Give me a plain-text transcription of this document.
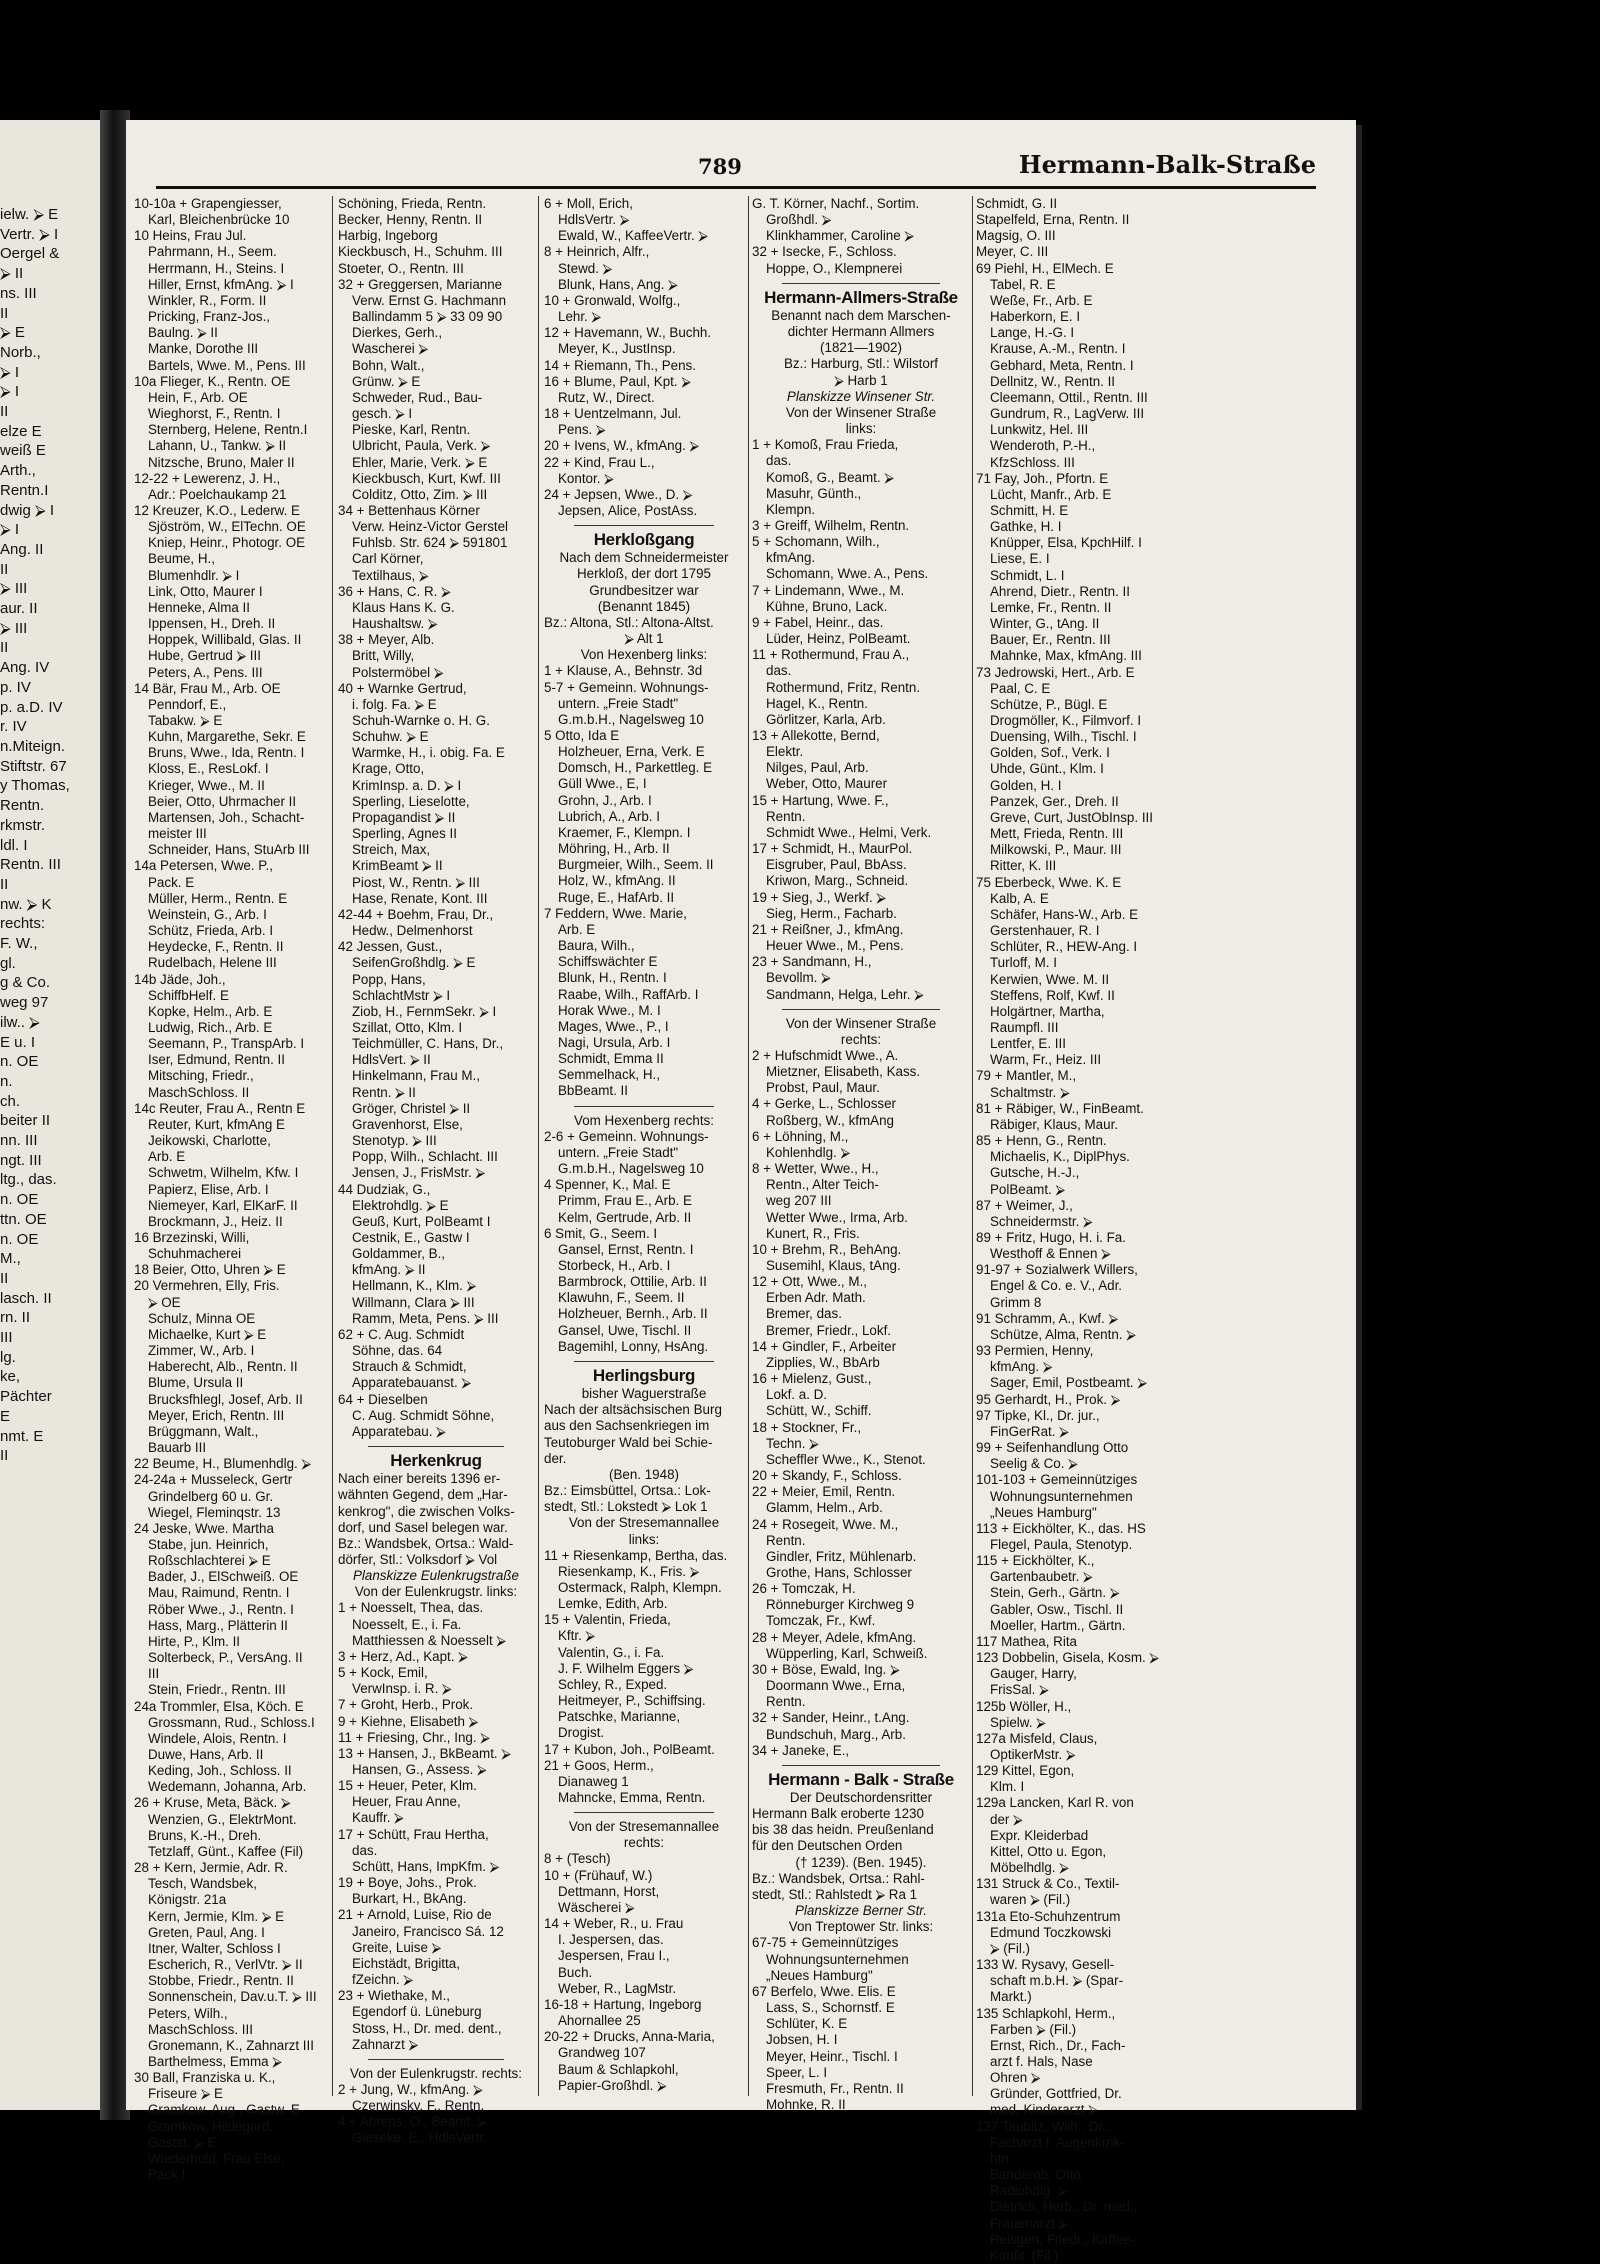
ielw. ⮚ E
Vertr. ⮚ I
Oergel &
⮚ II
ns. III
II
⮚ E
Norb.,
⮚ I
⮚ I
II
elze E
weiß E
Arth.,
Rentn.I
dwig ⮚ I
⮚ I
Ang. II
II
⮚ III
aur. II
⮚ III
II
Ang. IV
p. IV
p. a.D. IV
r. IV
n.Miteign.
Stiftstr. 67
y Thomas,
Rentn.
rkmstr.
ldl. I
Rentn. III
II
nw. ⮚ K
rechts:
F. W.,
gl.
g & Co.
weg 97
ilw.. ⮚
E u. I
n. OE
n.
ch.
beiter II
nn. III
ngt. III
ltg., das.
n. OE
ttn. OE
n. OE
M.,
II
lasch. II
rn. II
III
lg.
ke,
Pächter
E
nmt. E
II
789	Hermann-Balk-Straße
10-10a + Grapengiesser,
Karl, Bleichenbrücke 10
10 Heins, Frau Jul.
Pahrmann, H., Seem.
Herrmann, H., Steins. I
Hiller, Ernst, kfmAng. ⮚ I
Winkler, R., Form. II
Pricking, Franz-Jos.,
Baulng. ⮚ II
Manke, Dorothe III
Bartels, Wwe. M., Pens. III
10a Flieger, K., Rentn. OE
Hein, F., Arb. OE
Wieghorst, F., Rentn. I
Sternberg, Helene, Rentn.I
Lahann, U., Tankw. ⮚ II
Nitzsche, Bruno, Maler II
12-22 + Lewerenz, J. H.,
Adr.: Poelchaukamp 21
12 Kreuzer, K.O., Lederw. E
Sjöström, W., ElTechn. OE
Kniep, Heinr., Photogr. OE
Beume, H.,
Blumenhdlr. ⮚ I
Link, Otto, Maurer I
Henneke, Alma II
Ippensen, H., Dreh. II
Hoppek, Willibald, Glas. II
Hube, Gertrud ⮚ III
Peters, A., Pens. III
14 Bär, Frau M., Arb. OE
Penndorf, E.,
Tabakw. ⮚ E
Kuhn, Margarethe, Sekr. E
Bruns, Wwe., Ida, Rentn. I
Kloss, E., ResLokf. I
Krieger, Wwe., M. II
Beier, Otto, Uhrmacher II
Martensen, Joh., Schacht-
meister III
Schneider, Hans, StuArb III
14a Petersen, Wwe. P.,
Pack. E
Müller, Herm., Rentn. E
Weinstein, G., Arb. I
Schütz, Frieda, Arb. I
Heydecke, F., Rentn. II
Rudelbach, Helene III
14b Jäde, Joh.,
SchiffbHelf. E
Kopke, Helm., Arb. E
Ludwig, Rich., Arb. E
Seemann, P., TranspArb. I
Iser, Edmund, Rentn. II
Mitsching, Friedr.,
MaschSchloss. II
14c Reuter, Frau A., Rentn E
Reuter, Kurt, kfmAng E
Jeikowski, Charlotte,
Arb. E
Schwetm, Wilhelm, Kfw. I
Papierz, Elise, Arb. I
Niemeyer, Karl, ElKarF. II
Brockmann, J., Heiz. II
16 Brzezinski, Willi,
Schuhmacherei
18 Beier, Otto, Uhren ⮚ E
20 Vermehren, Elly, Fris.
⮚ OE
Schulz, Minna OE
Michaelke, Kurt ⮚ E
Zimmer, W., Arb. I
Haberecht, Alb., Rentn. II
Blume, Ursula II
Brucksfhlegl, Josef, Arb. II
Meyer, Erich, Rentn. III
Brüggmann, Walt.,
Bauarb III
22 Beume, H., Blumenhdlg. ⮚
24-24a + Musseleck, Gertr
Grindelberg 60 u. Gr.
Wiegel, Fleminqstr. 13
24 Jeske, Wwe. Martha
Stabe, jun. Heinrich,
Roßschlachterei ⮚ E
Bader, J., ElSchweiß. OE
Mau, Raimund, Rentn. I
Röber Wwe., J., Rentn. I
Hass, Marg., Plätterin II
Hirte, P., Klm. II
Solterbeck, P., VersAng. II
III
Stein, Friedr., Rentn. III
24a Trommler, Elsa, Köch. E
Grossmann, Rud., Schloss.I
Windele, Alois, Rentn. I
Duwe, Hans, Arb. II
Keding, Joh., Schloss. II
Wedemann, Johanna, Arb.
26 + Kruse, Meta, Bäck. ⮚
Wenzien, G., ElektrMont.
Bruns, K.-H., Dreh.
Tetzlaff, Günt., Kaffee (Fil)
28 + Kern, Jermie, Adr. R.
Tesch, Wandsbek,
Königstr. 21a
Kern, Jermie, Klm. ⮚ E
Greten, Paul, Ang. I
Itner, Walter, Schloss I
Escherich, R., VerlVtr. ⮚ II
Stobbe, Friedr., Rentn. II
Sonnenschein, Dav.u.T. ⮚ III
Peters, Wilh.,
MaschSchloss. III
Gronemann, K., Zahnarzt III
Barthelmess, Emma ⮚
30 Ball, Franziska u. K.,
Friseure ⮚ E
Gramkow, Aug., Gastw. E
Gramkow, Hildegard,
Gastst. ⮚ E
Wiederhold, Frau Else,
Pack I
Schöning, Frieda, Rentn.
Becker, Henny, Rentn. II
Harbig, Ingeborg
Kieckbusch, H., Schuhm. III
Stoeter, O., Rentn. III
32 + Greggersen, Marianne
Verw. Ernst G. Hachmann
Ballindamm 5 ⮚ 33 09 90
Dierkes, Gerh.,
Wascherei ⮚
Bohn, Walt.,
Grünw. ⮚ E
Schweder, Rud., Bau-
gesch. ⮚ I
Pieske, Karl, Rentn.
Ulbricht, Paula, Verk. ⮚
Ehler, Marie, Verk. ⮚ E
Kieckbusch, Kurt, Kwf. III
Colditz, Otto, Zim. ⮚ III
34 + Bettenhaus Körner
Verw. Heinz-Victor Gerstel
Fuhlsb. Str. 624 ⮚ 591801
Carl Körner,
Textilhaus, ⮚
36 + Hans, C. R. ⮚
Klaus Hans K. G.
Haushaltsw. ⮚
38 + Meyer, Alb.
Britt, Willy,
Polstermöbel ⮚
40 + Warnke Gertrud,
i. folg. Fa. ⮚ E
Schuh-Warnke o. H. G.
Schuhw. ⮚ E
Warmke, H., i. obig. Fa. E
Krage, Otto,
KrimInsp. a. D. ⮚ I
Sperling, Lieselotte,
Propagandist ⮚ II
Sperling, Agnes II
Streich, Max,
KrimBeamt ⮚ II
Piost, W., Rentn. ⮚ III
Hase, Renate, Kont. III
42-44 + Boehm, Frau, Dr.,
Hedw., Delmenhorst
42 Jessen, Gust.,
SeifenGroßhdlg. ⮚ E
Popp, Hans,
SchlachtMstr ⮚ I
Ziob, H., FernmSekr. ⮚ I
Szillat, Otto, Klm. I
Teichmüller, C. Hans, Dr.,
HdlsVert. ⮚ II
Hinkelmann, Frau M.,
Rentn. ⮚ II
Gröger, Christel ⮚ II
Gravenhorst, Else,
Stenotyp. ⮚ III
Popp, Wilh., Schlacht. III
Jensen, J., FrisMstr. ⮚
44 Dudziak, G.,
Elektrohdlg. ⮚ E
Geuß, Kurt, PolBeamt I
Cestnik, E., Gastw I
Goldammer, B.,
kfmAng. ⮚ II
Hellmann, K., Klm. ⮚
Willmann, Clara ⮚ III
Ramm, Meta, Pens. ⮚ III
62 + C. Aug. Schmidt
Söhne, das. 64
Strauch & Schmidt,
Apparatebauanst. ⮚
64 + Dieselben
C. Aug. Schmidt Söhne,
Apparatebau. ⮚
Herkenkrug
Nach einer bereits 1396 er-
wähnten Gegend, dem „Har-
kenkrog", die zwischen Volks-
dorf, und Sasel belegen war.
Bz.: Wandsbek, Ortsa.: Wald-
dörfer, Stl.: Volksdorf ⮚ Vol
Planskizze Eulenkrugstraße
Von der Eulenkrugstr. links:
1 + Noesselt, Thea, das.
Noesselt, E., i. Fa.
Matthiessen & Noesselt ⮚
3 + Herz, Ad., Kapt. ⮚
5 + Kock, Emil,
VerwInsp. i. R. ⮚
7 + Groht, Herb., Prok.
9 + Kiehne, Elisabeth ⮚
11 + Friesing, Chr., Ing. ⮚
13 + Hansen, J., BkBeamt. ⮚
Hansen, G., Assess. ⮚
15 + Heuer, Peter, Klm.
Heuer, Frau Anne,
Kauffr. ⮚
17 + Schütt, Frau Hertha,
das.
Schütt, Hans, ImpKfm. ⮚
19 + Boye, Johs., Prok.
Burkart, H., BkAng.
21 + Arnold, Luise, Rio de
Janeiro, Francisco Sá. 12
Greite, Luise ⮚
Eichstädt, Brigitta,
fZeichn. ⮚
23 + Wiethake, M.,
Egendorf ü. Lüneburg
Stoss, H., Dr. med. dent.,
Zahnarzt ⮚
Von der Eulenkrugstr. rechts:
2 + Jung, W., kfmAng. ⮚
Czerwinsky, F., Rentn.
4 + Ahrens, O., Beamt. ⮚
Gieseke, E., HdlsVertr.
6 + Moll, Erich,
HdlsVertr. ⮚
Ewald, W., KaffeeVertr. ⮚
8 + Heinrich, Alfr.,
Stewd. ⮚
Blunk, Hans, Ang. ⮚
10 + Gronwald, Wolfg.,
Lehr. ⮚
12 + Havemann, W., Buchh.
Meyer, K., JustInsp.
14 + Riemann, Th., Pens.
16 + Blume, Paul, Kpt. ⮚
Rutz, W., Direct.
18 + Uentzelmann, Jul.
Pens. ⮚
20 + Ivens, W., kfmAng. ⮚
22 + Kind, Frau L.,
Kontor. ⮚
24 + Jepsen, Wwe., D. ⮚
Jepsen, Alice, PostAss.
Herkloßgang
Nach dem Schneidermeister
Herkloß, der dort 1795
Grundbesitzer war
(Benannt 1845)
Bz.: Altona, Stl.: Altona-Altst.
⮚ Alt 1
Von Hexenberg links:
1 + Klause, A., Behnstr. 3d
5-7 + Gemeinn. Wohnungs-
untern. „Freie Stadt"
G.m.b.H., Nagelsweg 10
5 Otto, Ida E
Holzheuer, Erna, Verk. E
Domsch, H., Parkettleg. E
Güll Wwe., E, I
Grohn, J., Arb. I
Lubrich, A., Arb. I
Kraemer, F., Klempn. I
Möhring, H., Arb. II
Burgmeier, Wilh., Seem. II
Holz, W., kfmAng. II
Ruge, E., HafArb. II
7 Feddern, Wwe. Marie,
Arb. E
Baura, Wilh.,
Schiffswächter E
Blunk, H., Rentn. I
Raabe, Wilh., RaffArb. I
Horak Wwe., M. I
Mages, Wwe., P., I
Nagi, Ursula, Arb. I
Schmidt, Emma II
Semmelhack, H.,
BbBeamt. II
Vom Hexenberg rechts:
2-6 + Gemeinn. Wohnungs-
untern. „Freie Stadt"
G.m.b.H., Nagelsweg 10
4 Spenner, K., Mal. E
Primm, Frau E., Arb. E
Kelm, Gertrude, Arb. II
6 Smit, G., Seem. I
Gansel, Ernst, Rentn. I
Storbeck, H., Arb. I
Barmbrock, Ottilie, Arb. II
Klawuhn, F., Seem. II
Holzheuer, Bernh., Arb. II
Gansel, Uwe, Tischl. II
Bagemihl, Lonny, HsAng.
Herlingsburg
bisher Waguerstraße
Nach der altsächsischen Burg
aus den Sachsenkriegen im
Teutoburger Wald bei Schie-
der.
(Ben. 1948)
Bz.: Eimsbüttel, Ortsa.: Lok-
stedt, Stl.: Lokstedt ⮚ Lok 1
Von der Stresemannallee
links:
11 + Riesenkamp, Bertha, das.
Riesenkamp, K., Fris. ⮚
Ostermack, Ralph, Klempn.
Lemke, Edith, Arb.
15 + Valentin, Frieda,
Kftr. ⮚
Valentin, G., i. Fa.
J. F. Wilhelm Eggers ⮚
Schley, R., Exped.
Heitmeyer, P., Schiffsing.
Patschke, Marianne,
Drogist.
17 + Kubon, Joh., PolBeamt.
21 + Goos, Herm.,
Dianaweg 1
Mahncke, Emma, Rentn.
Von der Stresemannallee
rechts:
8 + (Tesch)
10 + (Frühauf, W.)
Dettmann, Horst,
Wäscherei ⮚
14 + Weber, R., u. Frau
I. Jespersen, das.
Jespersen, Frau I.,
Buch.
Weber, R., LagMstr.
16-18 + Hartung, Ingeborg
Ahornallee 25
20-22 + Drucks, Anna-Maria,
Grandweg 107
Baum & Schlapkohl,
Papier-Großhdl. ⮚
G. T. Körner, Nachf., Sortim.
Großhdl. ⮚
Klinkhammer, Caroline ⮚
32 + Isecke, F., Schloss.
Hoppe, O., Klempnerei
Hermann-Allmers-Straße
Benannt nach dem Marschen-
dichter Hermann Allmers
(1821—1902)
Bz.: Harburg, Stl.: Wilstorf
⮚ Harb 1
Planskizze Winsener Str.
Von der Winsener Straße
links:
1 + Komoß, Frau Frieda,
das.
Komoß, G., Beamt. ⮚
Masuhr, Günth.,
Klempn.
3 + Greiff, Wilhelm, Rentn.
5 + Schomann, Wilh.,
kfmAng.
Schomann, Wwe. A., Pens.
7 + Lindemann, Wwe., M.
Kühne, Bruno, Lack.
9 + Fabel, Heinr., das.
Lüder, Heinz, PolBeamt.
11 + Rothermund, Frau A.,
das.
Rothermund, Fritz, Rentn.
Hagel, K., Rentn.
Görlitzer, Karla, Arb.
13 + Allekotte, Bernd,
Elektr.
Nilges, Paul, Arb.
Weber, Otto, Maurer
15 + Hartung, Wwe. F.,
Rentn.
Schmidt Wwe., Helmi, Verk.
17 + Schmidt, H., MaurPol.
Eisgruber, Paul, BbAss.
Kriwon, Marg., Schneid.
19 + Sieg, J., Werkf. ⮚
Sieg, Herm., Facharb.
21 + Reißner, J., kfmAng.
Heuer Wwe., M., Pens.
23 + Sandmann, H.,
Bevollm. ⮚
Sandmann, Helga, Lehr. ⮚
Von der Winsener Straße
rechts:
2 + Hufschmidt Wwe., A.
Mietzner, Elisabeth, Kass.
Probst, Paul, Maur.
4 + Gerke, L., Schlosser
Roßberg, W., kfmAng
6 + Löhning, M.,
Kohlenhdlg. ⮚
8 + Wetter, Wwe., H.,
Rentn., Alter Teich-
weg 207 III
Wetter Wwe., Irma, Arb.
Kunert, R., Fris.
10 + Brehm, R., BehAng.
Susemihl, Klaus, tAng.
12 + Ott, Wwe., M.,
Erben Adr. Math.
Bremer, das.
Bremer, Friedr., Lokf.
14 + Gindler, F., Arbeiter
Zipplies, W., BbArb
16 + Mielenz, Gust.,
Lokf. a. D.
Schütt, W., Schiff.
18 + Stockner, Fr.,
Techn. ⮚
Scheffler Wwe., K., Stenot.
20 + Skandy, F., Schloss.
22 + Meier, Emil, Rentn.
Glamm, Helm., Arb.
24 + Rosegeit, Wwe. M.,
Rentn.
Gindler, Fritz, Mühlenarb.
Grothe, Hans, Schlosser
26 + Tomczak, H.
Rönneburger Kirchweg 9
Tomczak, Fr., Kwf.
28 + Meyer, Adele, kfmAng.
Wüpperling, Karl, Schweiß.
30 + Böse, Ewald, Ing. ⮚
Doormann Wwe., Erna,
Rentn.
32 + Sander, Heinr., t.Ang.
Bundschuh, Marg., Arb.
34 + Janeke, E.,
Hermann - Balk - Straße
Der Deutschordensritter
Hermann Balk eroberte 1230
bis 38 das heidn. Preußenland
für den Deutschen Orden
(† 1239). (Ben. 1945).
Bz.: Wandsbek, Ortsa.: Rahl-
stedt, Stl.: Rahlstedt ⮚ Ra 1
Planskizze Berner Str.
Von Treptower Str. links:
67-75 + Gemeinnütziges
Wohnungsunternehmen
„Neues Hamburg"
67 Berfelo, Wwe. Elis. E
Lass, S., Schornstf. E
Schlüter, K. E
Jobsen, H. I
Meyer, Heinr., Tischl. I
Speer, L. I
Fresmuth, Fr., Rentn. II
Mohnke, R. II
Schmidt, G. II
Stapelfeld, Erna, Rentn. II
Magsig, O. III
Meyer, C. III
69 Piehl, H., ElMech. E
Tabel, R. E
Weße, Fr., Arb. E
Haberkorn, E. I
Lange, H.-G. I
Krause, A.-M., Rentn. I
Gebhard, Meta, Rentn. I
Dellnitz, W., Rentn. II
Cleemann, Ottil., Rentn. III
Gundrum, R., LagVerw. III
Lunkwitz, Hel. III
Wenderoth, P.-H.,
KfzSchloss. III
71 Fay, Joh., Pfortn. E
Lücht, Manfr., Arb. E
Schmitt, H. E
Gathke, H. I
Knüpper, Elsa, KpchHilf. I
Liese, E. I
Schmidt, L. I
Ahrend, Dietr., Rentn. II
Lemke, Fr., Rentn. II
Winter, G., tAng. II
Bauer, Er., Rentn. III
Mahnke, Max, kfmAng. III
73 Jedrowski, Hert., Arb. E
Paal, C. E
Schütze, P., Bügl. E
Drogmöller, K., Filmvorf. I
Duensing, Wilh., Tischl. I
Golden, Sof., Verk. I
Uhde, Günt., Klm. I
Golden, H. I
Panzek, Ger., Dreh. II
Greve, Curt, JustObInsp. III
Mett, Frieda, Rentn. III
Milkowski, P., Maur. III
Ritter, K. III
75 Eberbeck, Wwe. K. E
Kalb, A. E
Schäfer, Hans-W., Arb. E
Gerstenhauer, R. I
Schlüter, R., HEW-Ang. I
Turloff, M. I
Kerwien, Wwe. M. II
Steffens, Rolf, Kwf. II
Holgärtner, Martha,
Raumpfl. III
Lentfer, E. III
Warm, Fr., Heiz. III
79 + Mantler, M.,
Schaltmstr. ⮚
81 + Räbiger, W., FinBeamt.
Räbiger, Klaus, Maur.
85 + Henn, G., Rentn.
Michaelis, K., DiplPhys.
Gutsche, H.-J.,
PolBeamt. ⮚
87 + Weimer, J.,
Schneidermstr. ⮚
89 + Fritz, Hugo, H. i. Fa.
Westhoff & Ennen ⮚
91-97 + Sozialwerk Willers,
Engel & Co. e. V., Adr.
Grimm 8
91 Schramm, A., Kwf. ⮚
Schütze, Alma, Rentn. ⮚
93 Permien, Henny,
kfmAng. ⮚
Sager, Emil, Postbeamt. ⮚
95 Gerhardt, H., Prok. ⮚
97 Tipke, Kl., Dr. jur.,
FinGerRat. ⮚
99 + Seifenhandlung Otto
Seelig & Co. ⮚
101-103 + Gemeinnütziges
Wohnungsunternehmen
„Neues Hamburg"
113 + Eickhölter, K., das. HS
Flegel, Paula, Stenotyp.
115 + Eickhölter, K.,
Gartenbaubetr. ⮚
Stein, Gerh., Gärtn. ⮚
Gabler, Osw., Tischl. II
Moeller, Hartm., Gärtn.
117 Mathea, Rita
123 Dobbelin, Gisela, Kosm. ⮚
Gauger, Harry,
FrisSal. ⮚
125b Wöller, H.,
Spielw. ⮚
127a Misfeld, Claus,
OptikerMstr. ⮚
129 Kittel, Egon,
Klm. I
129a Lancken, Karl R. von
der ⮚
Expr. Kleiderbad
Kittel, Otto u. Egon,
Möbelhdlg. ⮚
131 Struck & Co., Textil-
waren ⮚ (Fil.)
131a Eto-Schuhzentrum
Edmund Toczkowski
⮚ (Fil.)
133 W. Rysavy, Gesell-
schaft m.b.H. ⮚ (Spar-
Markt.)
135 Schlapkohl, Herm.,
Farben ⮚ (Fil.)
Ernst, Rich., Dr., Fach-
arzt f. Hals, Nase
Ohren ⮚
Gründer, Gottfried, Dr.
med. Kinderarzt ⮚
137 Taubitz, Wilh., Dr.,
Facharzt f. Augenkrnk-
htn.
Banderob, Otto,
Radiohdlg. ⮚
Dietrich, Herb., Dr. med.,
Frauenarzt ⮚
Reisgen, Friedr., Kaffee-
Konfit. (Fil.)
